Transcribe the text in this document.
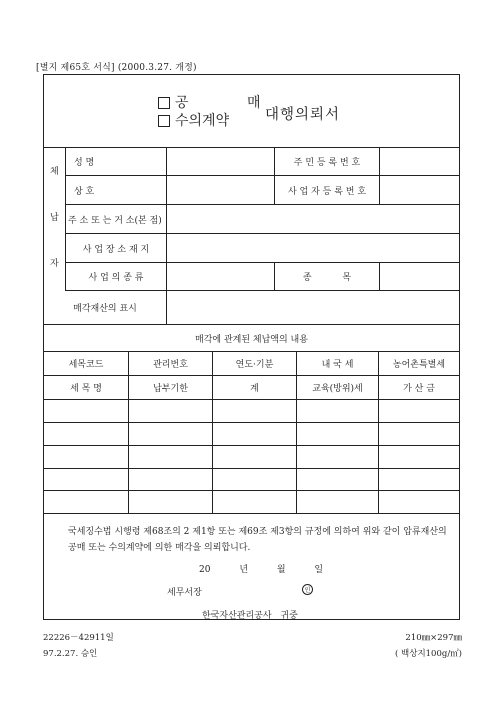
[별지 제65호 서식] (2000.3.27. 개정)
공 매
수의계약 대행의뢰서
체
납
자
성 명	주 민 등 록 번 호
상 호	사 업 자 등 록 번 호
주 소 또 는 거 소(본 점)
사 업 장 소 재 지
사 업 의 종 류	종 목
매각재산의 표시
매각에 관계된 체납액의 내용
세목코드	관리번호	연도·기분	내 국 세	농어촌특별세
세 목 명	납부기한	계	교육(방위)세	가 산 금
국세징수법 시행령 제68조의 2 제1항 또는 제69조 제3항의 규정에 의하여 위와 같이 압류재산의 공매 또는 수의계약에 의한 매각을 의뢰합니다.
20 년 월 일
세무서장	인
한국자산관리공사 귀중
22226－42911일
97.2.27. 승인
210㎜×297㎜
( 백상지100g/㎡)
